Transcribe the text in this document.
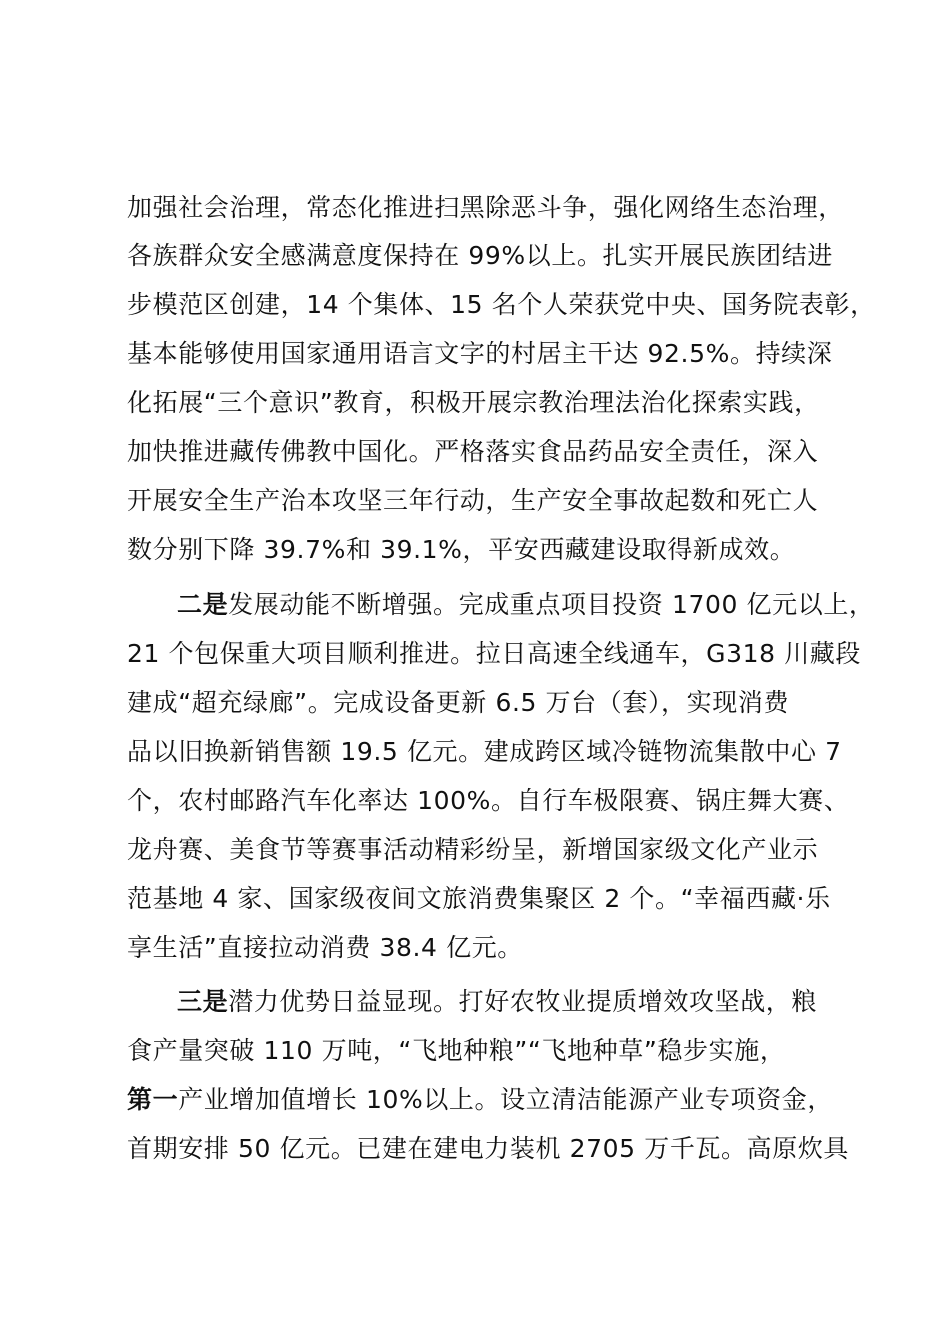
加强社会治理，常态化推进扫黑除恶斗争，强化网络生态治理，
各族群众安全感满意度保持在 99%以上。扎实开展民族团结进
步模范区创建，14 个集体、15 名个人荣获党中央、国务院表彰，
基本能够使用国家通用语言文字的村居主干达 92.5%。持续深
化拓展“三个意识”教育，积极开展宗教治理法治化探索实践，
加快推进藏传佛教中国化。严格落实食品药品安全责任，深入
开展安全生产治本攻坚三年行动，生产安全事故起数和死亡人
数分别下降 39.7%和 39.1%，平安西藏建设取得新成效。
二是发展动能不断增强。完成重点项目投资 1700 亿元以上，
21 个包保重大项目顺利推进。拉日高速全线通车，G318 川藏段
建成“超充绿廊”。完成设备更新 6.5 万台（套），实现消费
品以旧换新销售额 19.5 亿元。建成跨区域冷链物流集散中心 7
个，农村邮路汽车化率达 100%。自行车极限赛、锅庄舞大赛、
龙舟赛、美食节等赛事活动精彩纷呈，新增国家级文化产业示
范基地 4 家、国家级夜间文旅消费集聚区 2 个。“幸福西藏·乐
享生活”直接拉动消费 38.4 亿元。
三是潜力优势日益显现。打好农牧业提质增效攻坚战，粮
食产量突破 110 万吨，“飞地种粮”“飞地种草”稳步实施，
第一产业增加值增长 10%以上。设立清洁能源产业专项资金，
首期安排 50 亿元。已建在建电力装机 2705 万千瓦。高原炊具
